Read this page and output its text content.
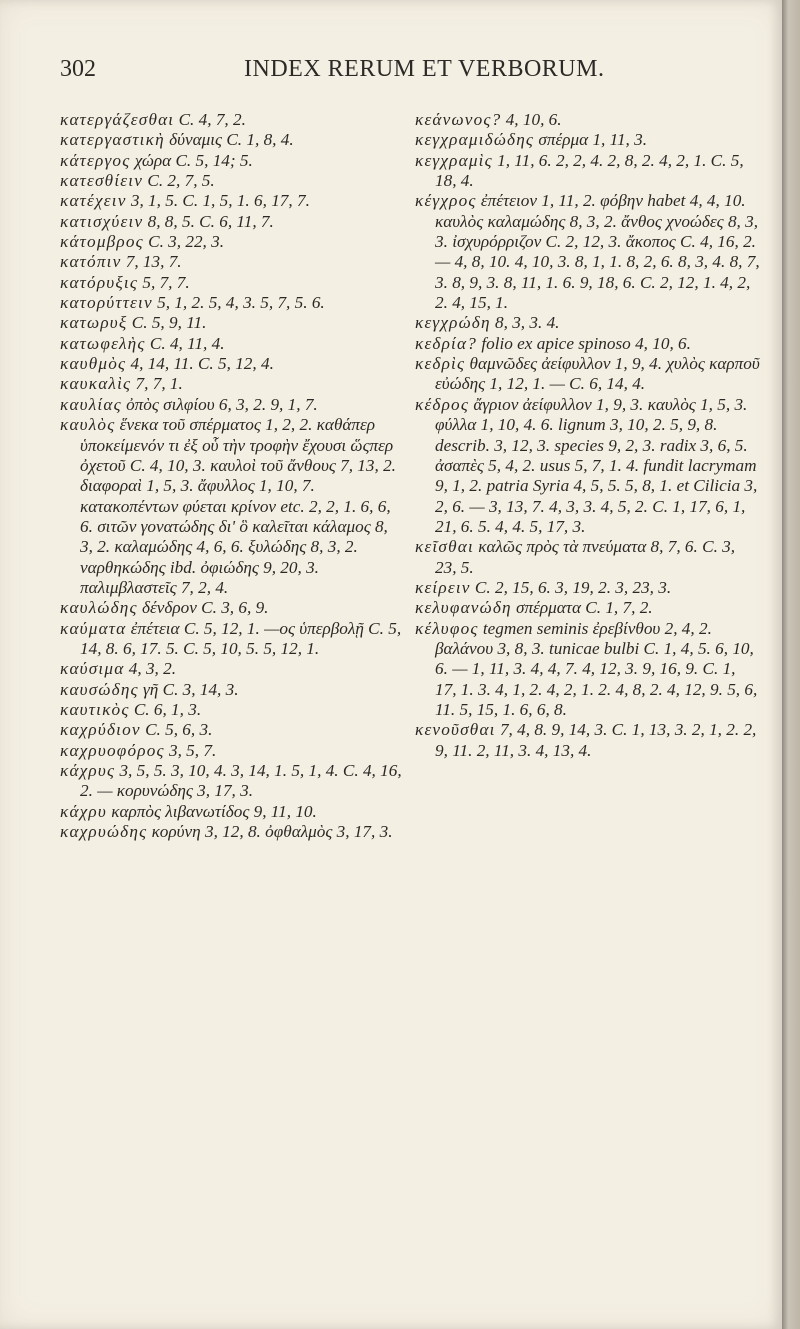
302	INDEX RERUM ET VERBORUM.

κατεργάζεσθαι C. 4, 7, 2.

κατεργαστικὴ δύναμις C. 1, 8, 4.

κάτεργος χώρα C. 5, 14; 5.

κατεσθίειν C. 2, 7, 5.

κατέχειν 3, 1, 5. C. 1, 5, 1. 6, 17, 7.

κατισχύειν 8, 8, 5. C. 6, 11, 7.

κάτομβρος C. 3, 22, 3.

κατόπιν 7, 13, 7.

κατόρυξις 5, 7, 7.

κατορύττειν 5, 1, 2. 5, 4, 3. 5, 7, 5. 6.

κατωρυξ C. 5, 9, 11.

κατωφελὴς C. 4, 11, 4.

καυθμὸς 4, 14, 11. C. 5, 12, 4.

καυκαλὶς 7, 7, 1.

καυλίας ὀπὸς σιλφίου 6, 3, 2. 9, 1, 7.

καυλὸς ἕνεκα τοῦ σπέρματος 1, 2, 2. καθάπερ ὑποκείμενόν τι ἐξ οὗ τὴν τροφὴν ἔχουσι ὥςπερ ὀχετοῦ C. 4, 10, 3. καυλοὶ τοῦ ἄνθους 7, 13, 2. διαφοραὶ 1, 5, 3. ἄφυλλος 1, 10, 7. κατακοπέντων φύεται κρίνον etc. 2, 2, 1. 6, 6, 6. σιτῶν γονατώδης δι' ὃ καλεῖται κάλαμος 8, 3, 2. καλαμώδης 4, 6, 6. ξυλώδης 8, 3, 2. ναρθηκώδης ibd. ὀφιώδης 9, 20, 3. παλιμβλαστεῖς 7, 2, 4.

καυλώδης δένδρον C. 3, 6, 9.

καύματα ἐπέτεια C. 5, 12, 1. —ος ὑπερβολῇ C. 5, 14, 8. 6, 17. 5. C. 5, 10, 5. 5, 12, 1.

καύσιμα 4, 3, 2.

καυσώδης γῆ C. 3, 14, 3.

καυτικὸς C. 6, 1, 3.

καχρύδιον C. 5, 6, 3.

καχρυοφόρος 3, 5, 7.

κάχρυς 3, 5, 5. 3, 10, 4. 3, 14, 1. 5, 1, 4. C. 4, 16, 2. — κορυνώδης 3, 17, 3.

κάχρυ καρπὸς λιβανωτίδος 9, 11, 10.

καχρυώδης κορύνη 3, 12, 8. ὀφθαλμὸς 3, 17, 3.

κεάνωνος? 4, 10, 6.

κεγχραμιδώδης σπέρμα 1, 11, 3.

κεγχραμὶς 1, 11, 6. 2, 2, 4. 2, 8, 2. 4, 2, 1. C. 5, 18, 4.

κέγχρος ἐπέτειον 1, 11, 2. φόβην habet 4, 4, 10. καυλὸς καλαμώδης 8, 3, 2. ἄνθος χνοώδες 8, 3, 3. ἰσχυρόρριζον C. 2, 12, 3. ἄκοπος C. 4, 16, 2. — 4, 8, 10. 4, 10, 3. 8, 1, 1. 8, 2, 6. 8, 3, 4. 8, 7, 3. 8, 9, 3. 8, 11, 1. 6. 9, 18, 6. C. 2, 12, 1. 4, 2, 2. 4, 15, 1.

κεγχρώδη 8, 3, 3. 4.

κεδρία? folio ex apice spinoso 4, 10, 6.

κεδρὶς θαμνῶδες ἀείφυλλον 1, 9, 4. χυλὸς καρποῦ εὐώδης 1, 12, 1. — C. 6, 14, 4.

κέδρος ἄγριον ἀείφυλλον 1, 9, 3. καυλὸς 1, 5, 3. φύλλα 1, 10, 4. 6. lignum 3, 10, 2. 5, 9, 8. describ. 3, 12, 3. species 9, 2, 3. radix 3, 6, 5. ἀσαπὲς 5, 4, 2. usus 5, 7, 1. 4. fundit lacrymam 9, 1, 2. patria Syria 4, 5, 5. 5, 8, 1. et Cilicia 3, 2, 6. — 3, 13, 7. 4, 3, 3. 4, 5, 2. C. 1, 17, 6, 1, 21, 6. 5. 4, 4. 5, 17, 3.

κεῖσθαι καλῶς πρὸς τὰ πνεύματα 8, 7, 6. C. 3, 23, 5.

κείρειν C. 2, 15, 6. 3, 19, 2. 3, 23, 3.

κελυφανώδη σπέρματα C. 1, 7, 2.

κέλυφος tegmen seminis ἐρεβίνθου 2, 4, 2. βαλάνου 3, 8, 3. tunicae bulbi C. 1, 4, 5. 6, 10, 6. — 1, 11, 3. 4, 4, 7. 4, 12, 3. 9, 16, 9. C. 1, 17, 1. 3. 4, 1, 2. 4, 2, 1. 2. 4, 8, 2. 4, 12, 9. 5, 6, 11. 5, 15, 1. 6, 6, 8.

κενοῦσθαι 7, 4, 8. 9, 14, 3. C. 1, 13, 3. 2, 1, 2. 2, 9, 11. 2, 11, 3. 4, 13, 4.
